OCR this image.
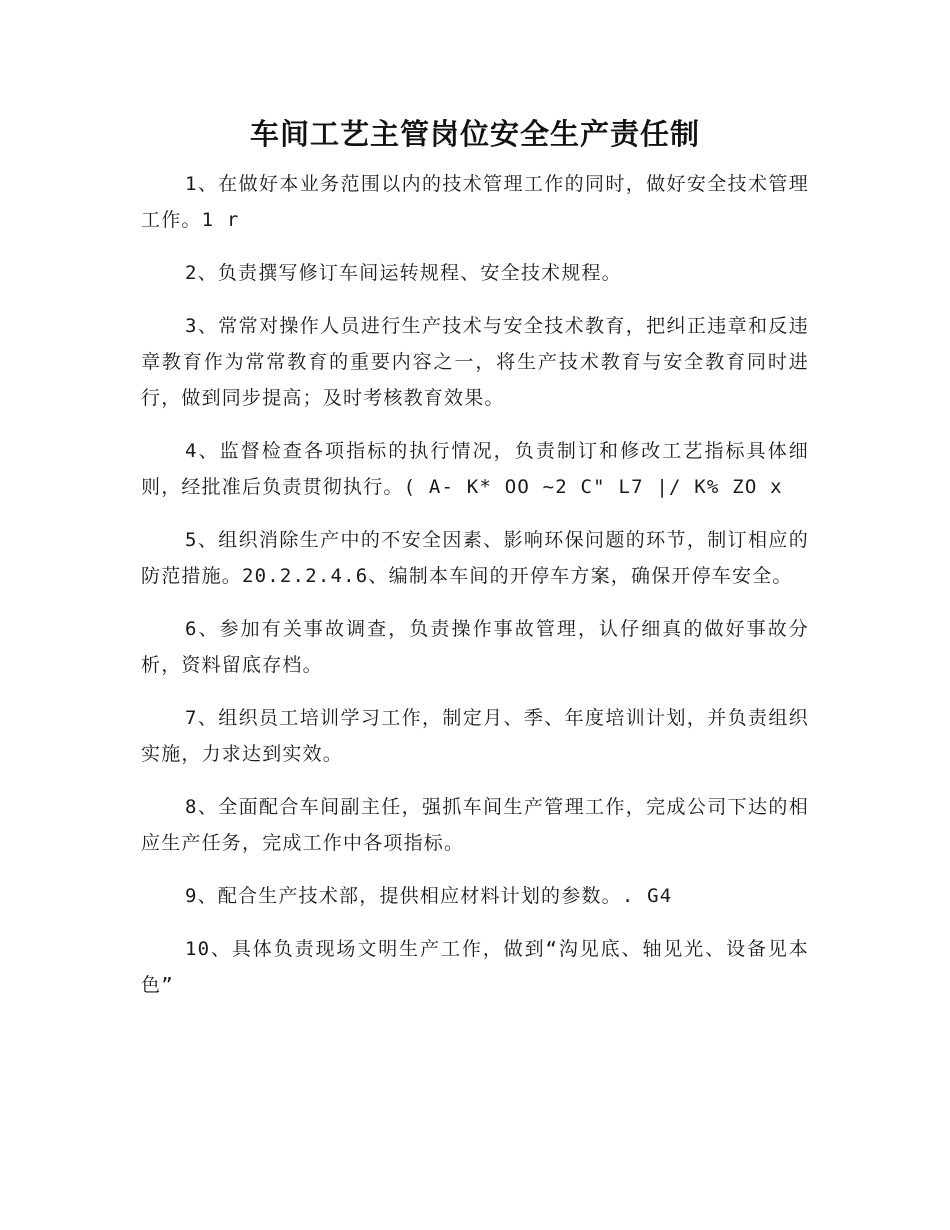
车间工艺主管岗位安全生产责任制

1、在做好本业务范围以内的技术管理工作的同时，做好安全技术管理工作。1 r

2、负责撰写修订车间运转规程、安全技术规程。

3、常常对操作人员进行生产技术与安全技术教育，把纠正违章和反违章教育作为常常教育的重要内容之一，将生产技术教育与安全教育同时进行，做到同步提高；及时考核教育效果。

4、监督检查各项指标的执行情况，负责制订和修改工艺指标具体细则，经批准后负责贯彻执行。( A- K* OO ~2 C" L7 |/ K% ZO x

5、组织消除生产中的不安全因素、影响环保问题的环节，制订相应的防范措施。20.2.2.4.6、编制本车间的开停车方案，确保开停车安全。

6、参加有关事故调查，负责操作事故管理，认仔细真的做好事故分析，资料留底存档。

7、组织员工培训学习工作，制定月、季、年度培训计划，并负责组织实施，力求达到实效。

8、全面配合车间副主任，强抓车间生产管理工作，完成公司下达的相应生产任务，完成工作中各项指标。

9、配合生产技术部，提供相应材料计划的参数。. G4

10、具体负责现场文明生产工作，做到“沟见底、轴见光、设备见本色”
